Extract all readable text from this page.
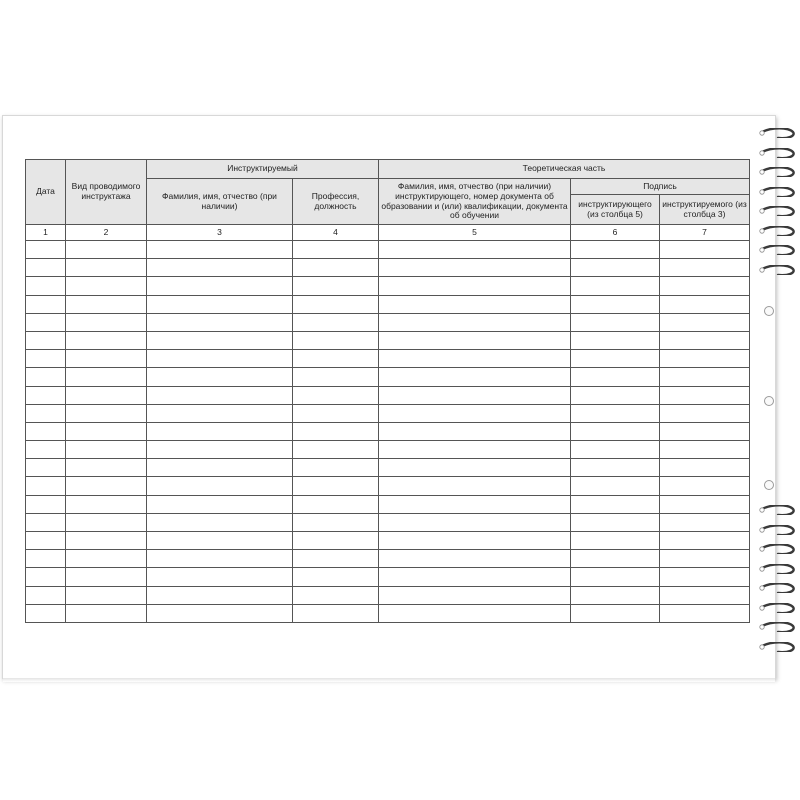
Дата	Вид проводимого инструктажа	Инструктируемый		Теоретическая часть		
		Фамилия, имя, отчество (при наличии)	Профессия, должность	Фамилия, имя, отчество (при наличии) инструктирующего, номер документа об образовании и (или) квалификации, документа об обучении	Подпись	
					инструктирующего (из столбца 5)	инструктируемого (из столбца 3)
1	2	3	4	5	6	7
